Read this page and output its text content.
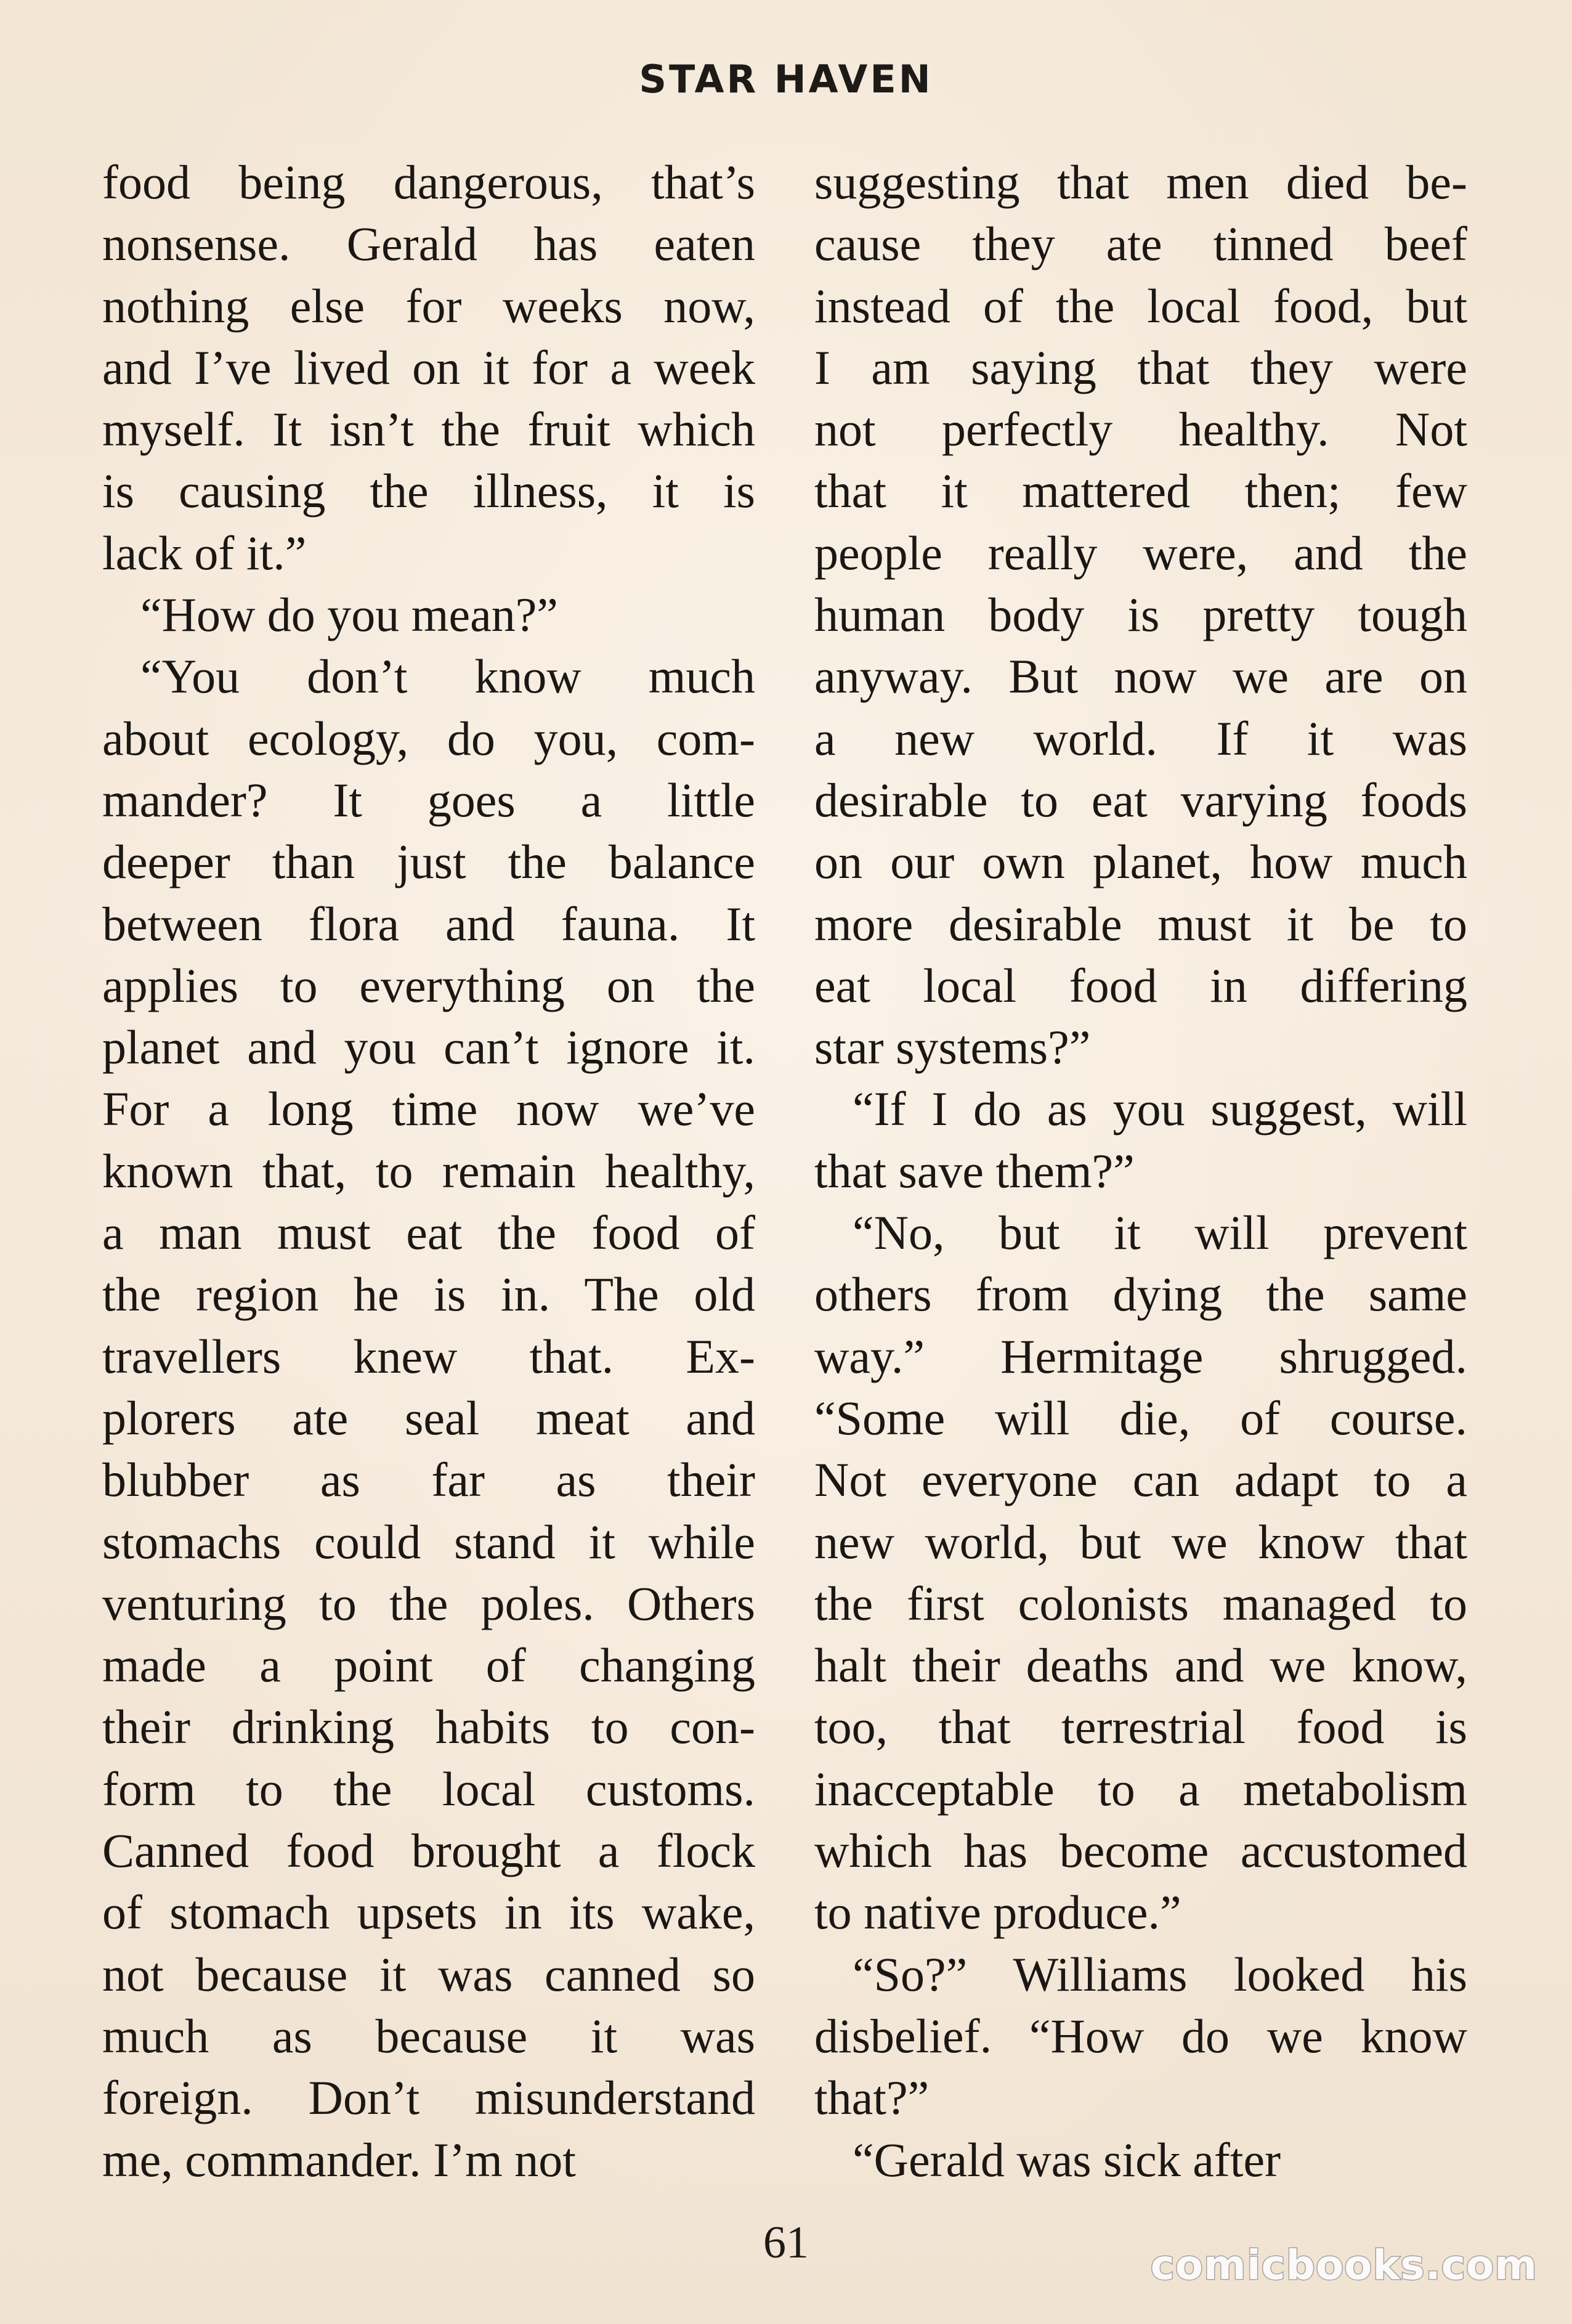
STAR HAVEN

food being dangerous, that’s
nonsense. Gerald has eaten
nothing else for weeks now,
and I’ve lived on it for a week
myself. It isn’t the fruit which
is causing the illness, it is
lack of it.”

“How do you mean?”

“You don’t know much
about ecology, do you, com-
mander? It goes a little
deeper than just the balance
between flora and fauna. It
applies to everything on the
planet and you can’t ignore it.
For a long time now we’ve
known that, to remain healthy,
a man must eat the food of
the region he is in. The old
travellers knew that. Ex-
plorers ate seal meat and
blubber as far as their
stomachs could stand it while
venturing to the poles. Others
made a point of changing
their drinking habits to con-
form to the local customs.
Canned food brought a flock
of stomach upsets in its wake,
not because it was canned so
much as because it was
foreign. Don’t misunderstand
me, commander. I’m not

suggesting that men died be-
cause they ate tinned beef
instead of the local food, but
I am saying that they were
not perfectly healthy. Not
that it mattered then; few
people really were, and the
human body is pretty tough
anyway. But now we are on
a new world. If it was
desirable to eat varying foods
on our own planet, how much
more desirable must it be to
eat local food in differing
star systems?”

“If I do as you suggest, will
that save them?”

“No, but it will prevent
others from dying the same
way.” Hermitage shrugged.
“Some will die, of course.
Not everyone can adapt to a
new world, but we know that
the first colonists managed to
halt their deaths and we know,
too, that terrestrial food is
inacceptable to a metabolism
which has become accustomed
to native produce.”

“So?” Williams looked his
disbelief. “How do we know
that?”

“Gerald was sick after

61	comicbooks.com
